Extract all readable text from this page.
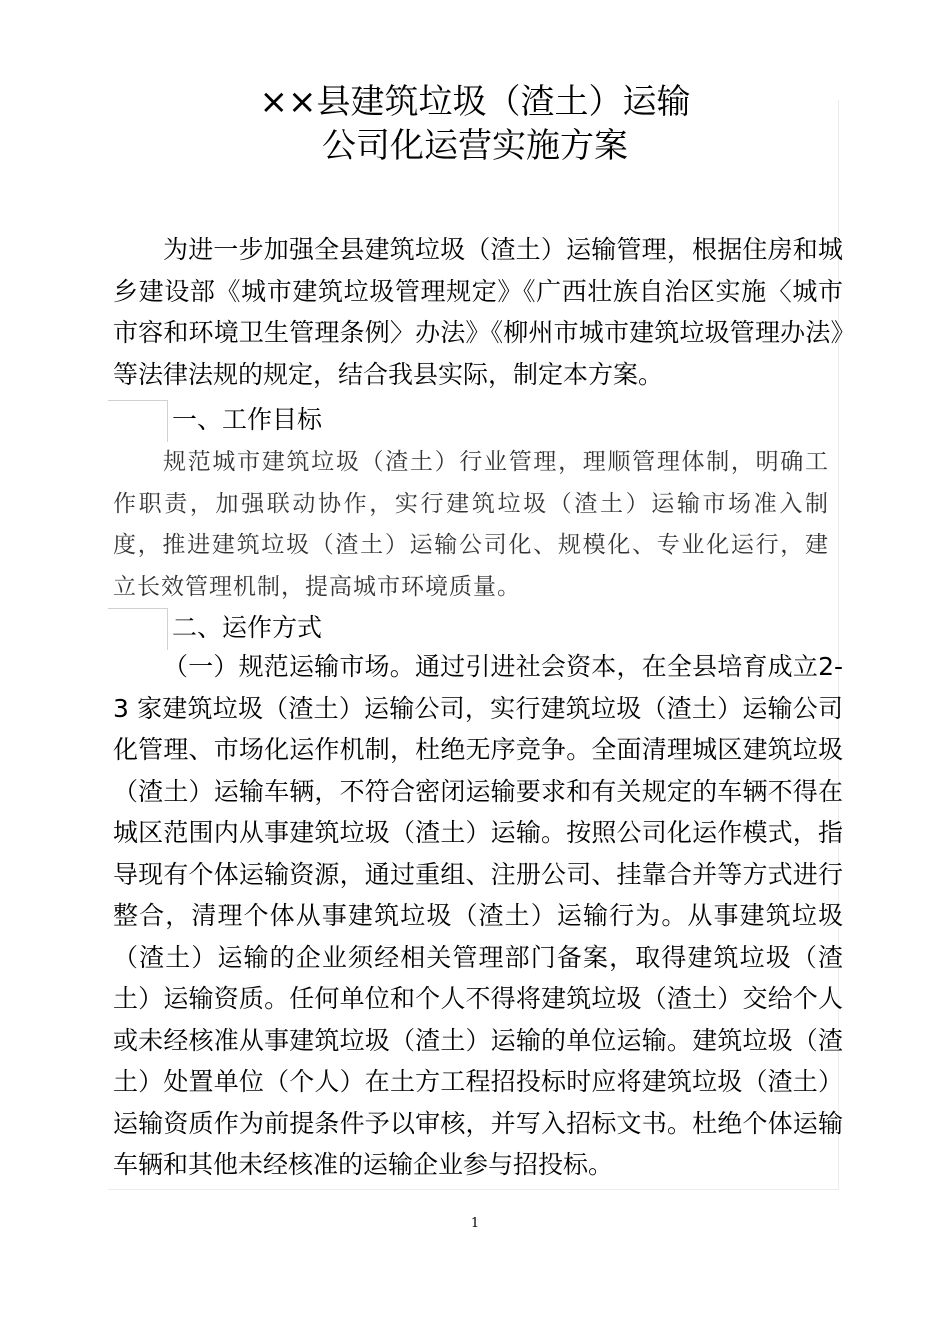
××县建筑垃圾（渣土）运输
公司化运营实施方案

为进一步加强全县建筑垃圾（渣土）运输管理，根据住房和城乡建设部《城市建筑垃圾管理规定》《广西壮族自治区实施〈城市市容和环境卫生管理条例〉办法》《柳州市城市建筑垃圾管理办法》等法律法规的规定，结合我县实际，制定本方案。

一、工作目标

规范城市建筑垃圾（渣土）行业管理，理顺管理体制，明确工作职责，加强联动协作，实行建筑垃圾（渣土）运输市场准入制度，推进建筑垃圾（渣土）运输公司化、规模化、专业化运行，建立长效管理机制，提高城市环境质量。

二、运作方式

（一）规范运输市场。通过引进社会资本，在全县培育成立2-3 家建筑垃圾（渣土）运输公司，实行建筑垃圾（渣土）运输公司化管理、市场化运作机制，杜绝无序竞争。全面清理城区建筑垃圾（渣土）运输车辆，不符合密闭运输要求和有关规定的车辆不得在城区范围内从事建筑垃圾（渣土）运输。按照公司化运作模式，指导现有个体运输资源，通过重组、注册公司、挂靠合并等方式进行整合，清理个体从事建筑垃圾（渣土）运输行为。从事建筑垃圾（渣土）运输的企业须经相关管理部门备案，取得建筑垃圾（渣土）运输资质。任何单位和个人不得将建筑垃圾（渣土）交给个人或未经核准从事建筑垃圾（渣土）运输的单位运输。建筑垃圾（渣土）处置单位（个人）在土方工程招投标时应将建筑垃圾（渣土）运输资质作为前提条件予以审核，并写入招标文书。杜绝个体运输车辆和其他未经核准的运输企业参与招投标。

1
